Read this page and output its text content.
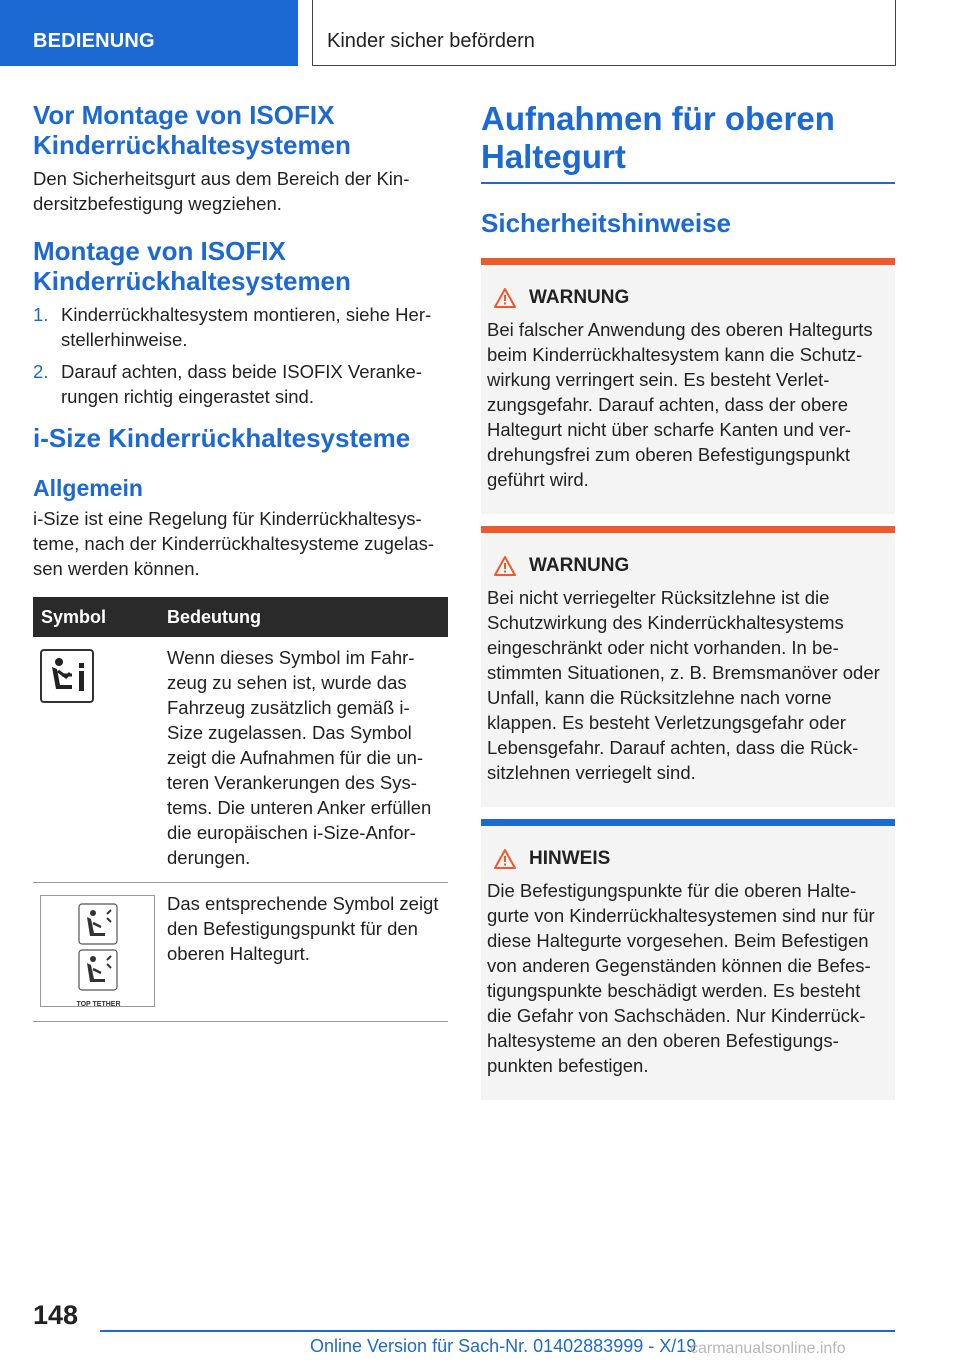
BEDIENUNG	Kinder sicher befördern
Vor Montage von ISOFIX Kinderrückhaltesystemen

Den Sicherheitsgurt aus dem Bereich der Kin-dersitzbefestigung wegziehen.

Montage von ISOFIX Kinderrückhaltesystemen
1. Kinderrückhaltesystem montieren, siehe Her-stellerhinweise.
2. Darauf achten, dass beide ISOFIX Veranke-rungen richtig eingerastet sind.
i-Size Kinderrückhaltesysteme
Allgemein

i-Size ist eine Regelung für Kinderrückhaltesys-teme, nach der Kinderrückhaltesysteme zugelas-sen werden können.

Symbol	Bedeutung

	Wenn dieses Symbol im Fahr-zeug zu sehen ist, wurde das Fahrzeug zusätzlich gemäß i-Size zugelassen. Das Symbol zeigt die Aufnahmen für die un-teren Verankerungen des Sys-tems. Die unteren Anker erfüllen die europäischen i-Size-Anfor-derungen.

TOP TETHER	Das entsprechende Symbol zeigt den Befestigungspunkt für den oberen Haltegurt.
Aufnahmen für oberen Haltegurt
Sicherheitshinweise
WARNUNG

Bei falscher Anwendung des oberen Haltegurts beim Kinderrückhaltesystem kann die Schutz-wirkung verringert sein. Es besteht Verlet-zungsgefahr. Darauf achten, dass der obere Haltegurt nicht über scharfe Kanten und ver-drehungsfrei zum oberen Befestigungspunkt geführt wird.

WARNUNG

Bei nicht verriegelter Rücksitzlehne ist die Schutzwirkung des Kinderrückhaltesystems eingeschränkt oder nicht vorhanden. In be-stimmten Situationen, z. B. Bremsmanöver oder Unfall, kann die Rücksitzlehne nach vorne klappen. Es besteht Verletzungsgefahr oder Lebensgefahr. Darauf achten, dass die Rück-sitzlehnen verriegelt sind.

HINWEIS

Die Befestigungspunkte für die oberen Halte-gurte von Kinderrückhaltesystemen sind nur für diese Haltegurte vorgesehen. Beim Befestigen von anderen Gegenständen können die Befes-tigungspunkte beschädigt werden. Es besteht die Gefahr von Sachschäden. Nur Kinderrück-haltesysteme an den oberen Befestigungs-punkten befestigen.

148
Online Version für Sach-Nr. 01402883999 - X/19
carmanualsonline.info
